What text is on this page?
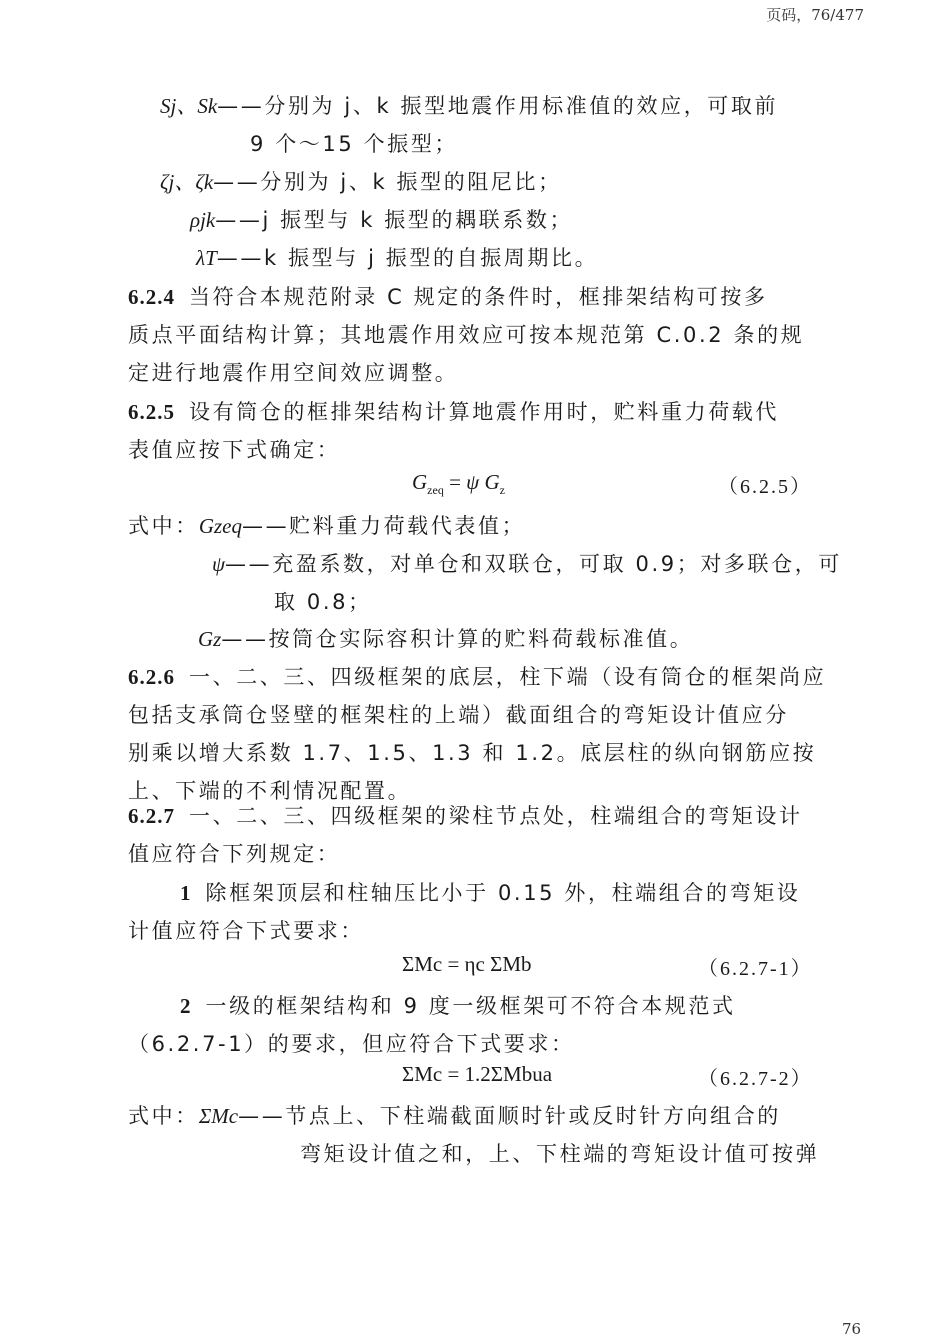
页码，76/477
Sj、Sk——分别为 j、k 振型地震作用标准值的效应，可取前
9 个～15 个振型；
ζj、ζk——分别为 j、k 振型的阻尼比；
ρjk——j 振型与 k 振型的耦联系数；
λT——k 振型与 j 振型的自振周期比。
6.2.4 当符合本规范附录 C 规定的条件时，框排架结构可按多
质点平面结构计算；其地震作用效应可按本规范第 C.0.2 条的规
定进行地震作用空间效应调整。
6.2.5 设有筒仓的框排架结构计算地震作用时，贮料重力荷载代
表值应按下式确定：
$G_{zeq} = \psi$ $G_z$	（6.2.5）
式中：Gzeq——贮料重力荷载代表值；
ψ——充盈系数，对单仓和双联仓，可取 0.9；对多联仓，可
取 0.8；
Gz——按筒仓实际容积计算的贮料荷载标准值。
6.2.6 一、二、三、四级框架的底层，柱下端（设有筒仓的框架尚应
包括支承筒仓竖壁的框架柱的上端）截面组合的弯矩设计值应分
别乘以增大系数 1.7、1.5、1.3 和 1.2。底层柱的纵向钢筋应按
上、下端的不利情况配置。
6.2.7 一、二、三、四级框架的梁柱节点处，柱端组合的弯矩设计
值应符合下列规定：
1 除框架顶层和柱轴压比小于 0.15 外，柱端组合的弯矩设
计值应符合下式要求：
ΣMc = ηc ΣMb	（6.2.7-1）
2 一级的框架结构和 9 度一级框架可不符合本规范式
（6.2.7-1）的要求，但应符合下式要求：
ΣMc = 1.2ΣMbua	（6.2.7-2）
式中：ΣMc——节点上、下柱端截面顺时针或反时针方向组合的
弯矩设计值之和，上、下柱端的弯矩设计值可按弹
76
